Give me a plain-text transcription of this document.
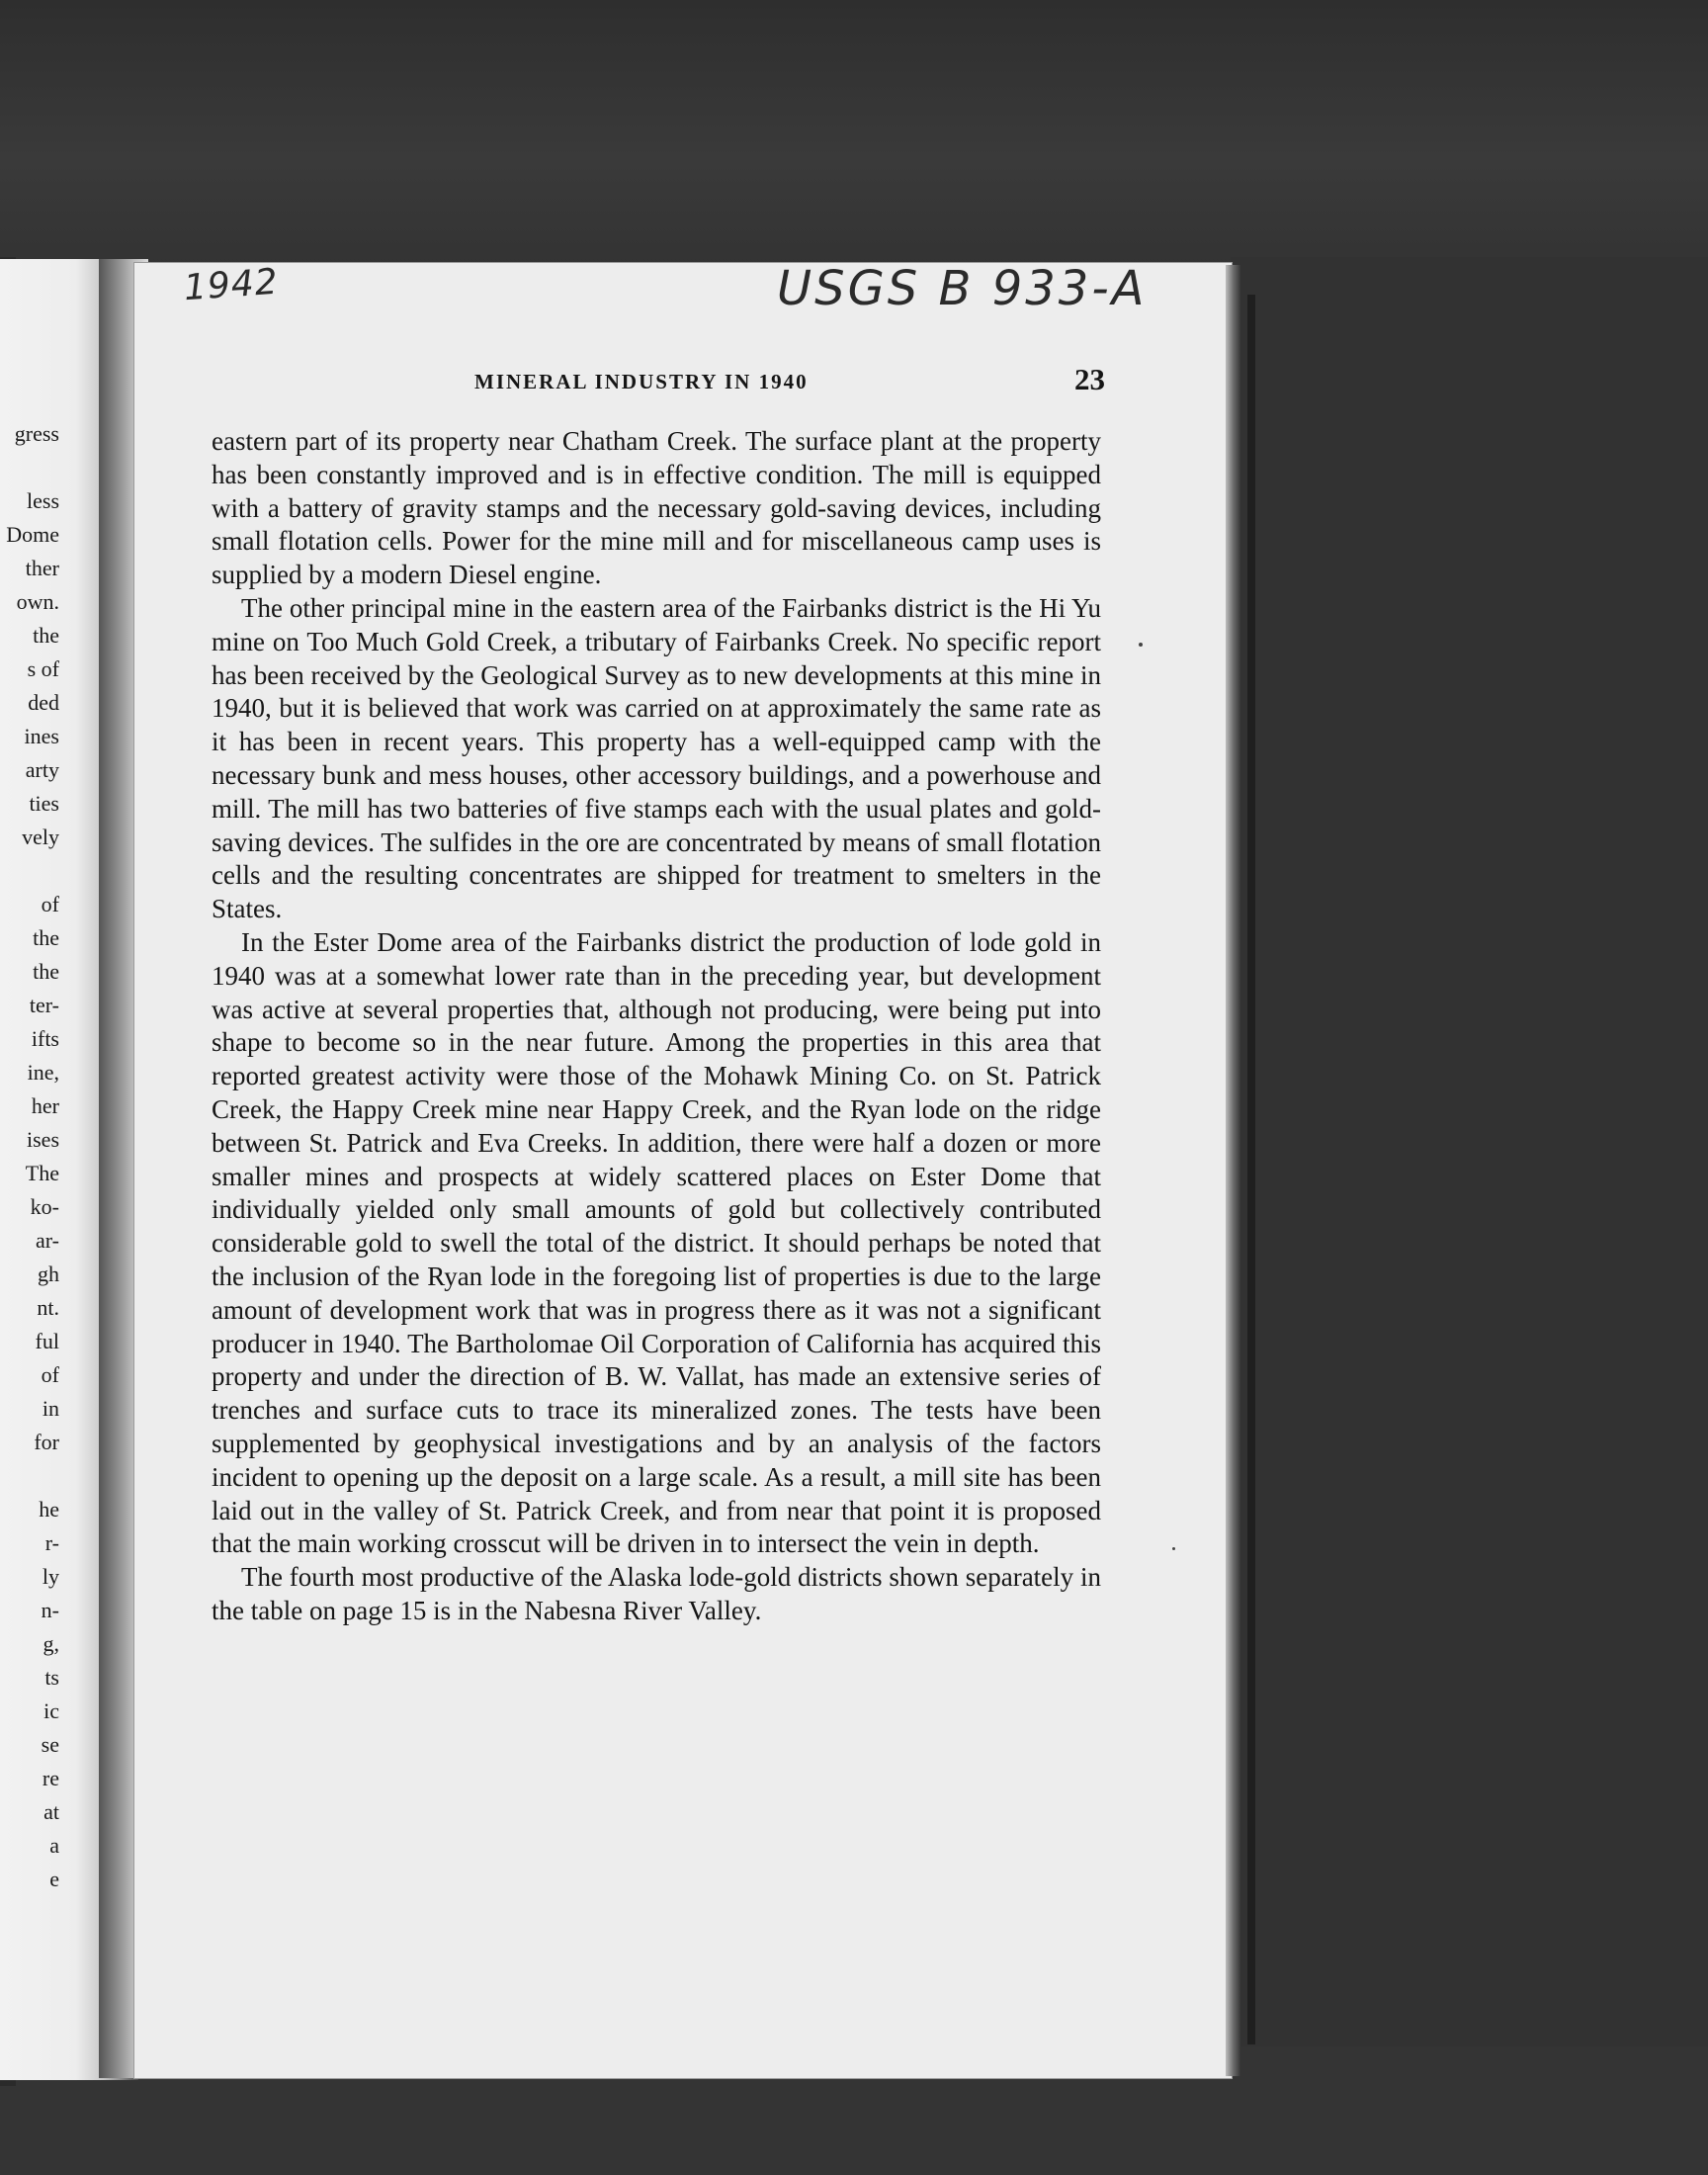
gress
less
Dome
ther
own.
the
s of
ded
ines
arty
ties
vely
of
the
the
ter-
ifts
ine,
her
ises
The
ko-
ar-
gh
nt.
ful
of
in
for
he
r-
ly
n-
g,
ts
ic
se
re
at
a
e
1942	USGS B 933-A
MINERAL INDUSTRY IN 1940	23

eastern part of its property near Chatham Creek. The surface plant at the property has been constantly improved and is in effective condition. The mill is equipped with a battery of gravity stamps and the necessary gold-saving devices, including small flotation cells. Power for the mine mill and for miscellaneous camp uses is supplied by a modern Diesel engine.

The other principal mine in the eastern area of the Fairbanks district is the Hi Yu mine on Too Much Gold Creek, a tributary of Fairbanks Creek. No specific report has been received by the Geological Survey as to new developments at this mine in 1940, but it is believed that work was carried on at approximately the same rate as it has been in recent years. This property has a well-equipped camp with the necessary bunk and mess houses, other accessory buildings, and a powerhouse and mill. The mill has two batteries of five stamps each with the usual plates and gold-saving devices. The sulfides in the ore are concentrated by means of small flotation cells and the resulting concentrates are shipped for treatment to smelters in the States.

In the Ester Dome area of the Fairbanks district the production of lode gold in 1940 was at a somewhat lower rate than in the preceding year, but development was active at several properties that, although not producing, were being put into shape to become so in the near future. Among the properties in this area that reported greatest activity were those of the Mohawk Mining Co. on St. Patrick Creek, the Happy Creek mine near Happy Creek, and the Ryan lode on the ridge between St. Patrick and Eva Creeks. In addition, there were half a dozen or more smaller mines and prospects at widely scattered places on Ester Dome that individually yielded only small amounts of gold but collectively contributed considerable gold to swell the total of the district. It should perhaps be noted that the inclusion of the Ryan lode in the foregoing list of properties is due to the large amount of development work that was in progress there as it was not a significant producer in 1940. The Bartholomae Oil Corporation of California has acquired this property and under the direction of B. W. Vallat, has made an extensive series of trenches and surface cuts to trace its mineralized zones. The tests have been supplemented by geophysical investigations and by an analysis of the factors incident to opening up the deposit on a large scale. As a result, a mill site has been laid out in the valley of St. Patrick Creek, and from near that point it is proposed that the main working crosscut will be driven in to intersect the vein in depth.

The fourth most productive of the Alaska lode-gold districts shown separately in the table on page 15 is in the Nabesna River Valley.
